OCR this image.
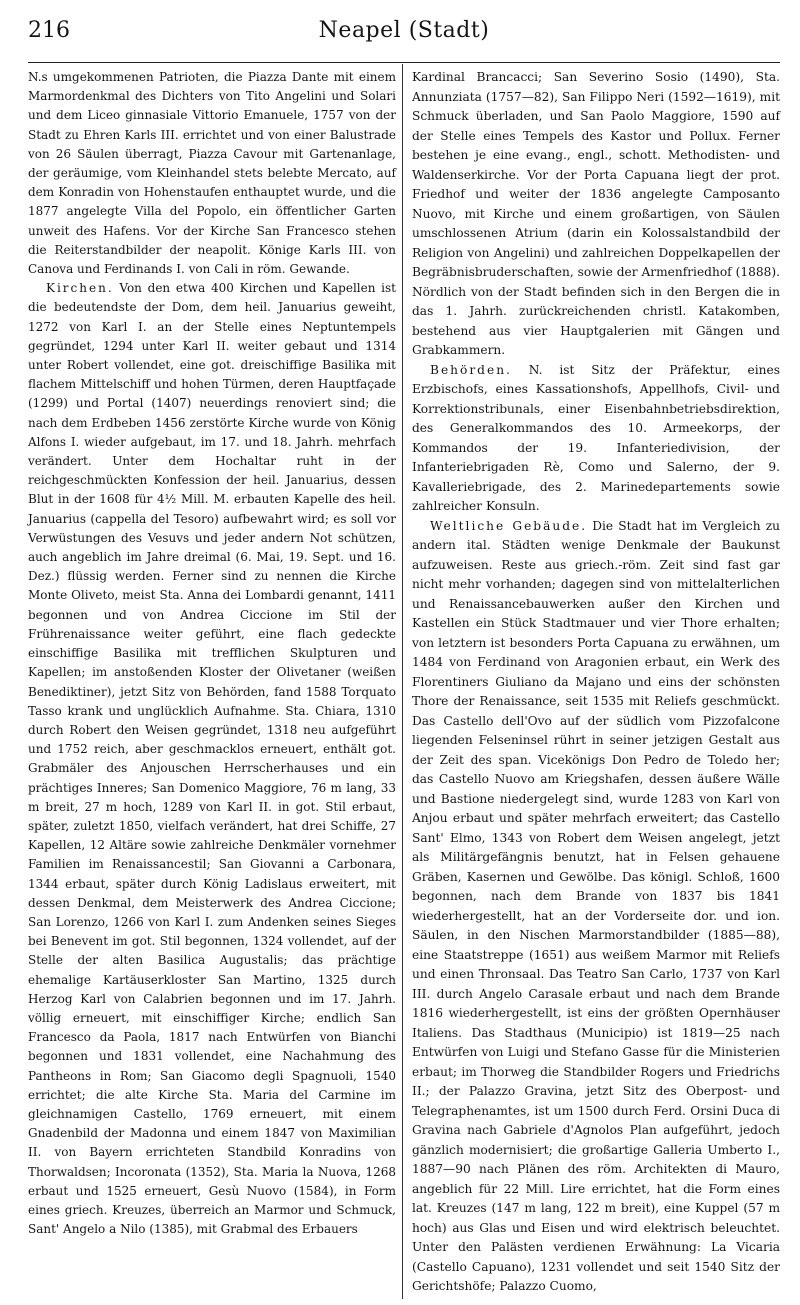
216	Neapel (Stadt)

N.s umgekommenen Patrioten, die Piazza Dante mit einem Marmordenkmal des Dichters von Tito Angelini und Solari und dem Liceo ginnasiale Vittorio Emanuele, 1757 von der Stadt zu Ehren Karls III. errichtet und von einer Balustrade von 26 Säulen überragt, Piazza Cavour mit Gartenanlage, der geräumige, vom Kleinhandel stets belebte Mercato, auf dem Konradin von Hohenstaufen enthauptet wurde, und die 1877 angelegte Villa del Popolo, ein öffentlicher Garten unweit des Hafens. Vor der Kirche San Francesco stehen die Reiterstandbilder der neapolit. Könige Karls III. von Canova und Ferdinands I. von Cali in röm. Gewande.

Kirchen. Von den etwa 400 Kirchen und Kapellen ist die bedeutendste der Dom, dem heil. Januarius geweiht, 1272 von Karl I. an der Stelle eines Neptuntempels gegründet, 1294 unter Karl II. weiter gebaut und 1314 unter Robert vollendet, eine got. dreischiffige Basilika mit flachem Mittelschiff und hohen Türmen, deren Hauptfaçade (1299) und Portal (1407) neuerdings renoviert sind; die nach dem Erdbeben 1456 zerstörte Kirche wurde von König Alfons I. wieder aufgebaut, im 17. und 18. Jahrh. mehrfach verändert. Unter dem Hochaltar ruht in der reichgeschmückten Konfession der heil. Januarius, dessen Blut in der 1608 für 4½ Mill. M. erbauten Kapelle des heil. Januarius (cappella del Tesoro) aufbewahrt wird; es soll vor Verwüstungen des Vesuvs und jeder andern Not schützen, auch angeblich im Jahre dreimal (6. Mai, 19. Sept. und 16. Dez.) flüssig werden. Ferner sind zu nennen die Kirche Monte Oliveto, meist Sta. Anna dei Lombardi genannt, 1411 begonnen und von Andrea Ciccione im Stil der Frührenaissance weiter geführt, eine flach gedeckte einschiffige Basilika mit trefflichen Skulpturen und Kapellen; im anstoßenden Kloster der Olivetaner (weißen Benediktiner), jetzt Sitz von Behörden, fand 1588 Torquato Tasso krank und unglücklich Aufnahme. Sta. Chiara, 1310 durch Robert den Weisen gegründet, 1318 neu aufgeführt und 1752 reich, aber geschmacklos erneuert, enthält got. Grabmäler des Anjouschen Herrscherhauses und ein prächtiges Inneres; San Domenico Maggiore, 76 m lang, 33 m breit, 27 m hoch, 1289 von Karl II. in got. Stil erbaut, später, zuletzt 1850, vielfach verändert, hat drei Schiffe, 27 Kapellen, 12 Altäre sowie zahlreiche Denkmäler vornehmer Familien im Renaissancestil; San Giovanni a Carbonara, 1344 erbaut, später durch König Ladislaus erweitert, mit dessen Denkmal, dem Meisterwerk des Andrea Ciccione; San Lorenzo, 1266 von Karl I. zum Andenken seines Sieges bei Benevent im got. Stil begonnen, 1324 vollendet, auf der Stelle der alten Basilica Augustalis; das prächtige ehemalige Kartäuserkloster San Martino, 1325 durch Herzog Karl von Calabrien begonnen und im 17. Jahrh. völlig erneuert, mit einschiffiger Kirche; endlich San Francesco da Paola, 1817 nach Entwürfen von Bianchi begonnen und 1831 vollendet, eine Nachahmung des Pantheons in Rom; San Giacomo degli Spagnuoli, 1540 errichtet; die alte Kirche Sta. Maria del Carmine im gleichnamigen Castello, 1769 erneuert, mit einem Gnadenbild der Madonna und einem 1847 von Maximilian II. von Bayern errichteten Standbild Konradins von Thorwaldsen; Incoronata (1352), Sta. Maria la Nuova, 1268 erbaut und 1525 erneuert, Gesù Nuovo (1584), in Form eines griech. Kreuzes, überreich an Marmor und Schmuck, Sant' Angelo a Nilo (1385), mit Grabmal des Erbauers

Kardinal Brancacci; San Severino Sosio (1490), Sta. Annunziata (1757—82), San Filippo Neri (1592—1619), mit Schmuck überladen, und San Paolo Maggiore, 1590 auf der Stelle eines Tempels des Kastor und Pollux. Ferner bestehen je eine evang., engl., schott. Methodisten- und Waldenserkirche. Vor der Porta Capuana liegt der prot. Friedhof und weiter der 1836 angelegte Camposanto Nuovo, mit Kirche und einem großartigen, von Säulen umschlossenen Atrium (darin ein Kolossalstandbild der Religion von Angelini) und zahlreichen Doppelkapellen der Begräbnisbruderschaften, sowie der Armenfriedhof (1888). Nördlich von der Stadt befinden sich in den Bergen die in das 1. Jahrh. zurückreichenden christl. Katakomben, bestehend aus vier Hauptgalerien mit Gängen und Grabkammern.

Behörden. N. ist Sitz der Präfektur, eines Erzbischofs, eines Kassationshofs, Appellhofs, Civil- und Korrektionstribunals, einer Eisenbahnbetriebsdirektion, des Generalkommandos des 10. Armeekorps, der Kommandos der 19. Infanteriedivision, der Infanteriebrigaden Rè, Como und Salerno, der 9. Kavalleriebrigade, des 2. Marinedepartements sowie zahlreicher Konsuln.

Weltliche Gebäude. Die Stadt hat im Vergleich zu andern ital. Städten wenige Denkmale der Baukunst aufzuweisen. Reste aus griech.-röm. Zeit sind fast gar nicht mehr vorhanden; dagegen sind von mittelalterlichen und Renaissancebauwerken außer den Kirchen und Kastellen ein Stück Stadtmauer und vier Thore erhalten; von letztern ist besonders Porta Capuana zu erwähnen, um 1484 von Ferdinand von Aragonien erbaut, ein Werk des Florentiners Giuliano da Majano und eins der schönsten Thore der Renaissance, seit 1535 mit Reliefs geschmückt. Das Castello dell'Ovo auf der südlich vom Pizzofalcone liegenden Felseninsel rührt in seiner jetzigen Gestalt aus der Zeit des span. Vicekönigs Don Pedro de Toledo her; das Castello Nuovo am Kriegshafen, dessen äußere Wälle und Bastione niedergelegt sind, wurde 1283 von Karl von Anjou erbaut und später mehrfach erweitert; das Castello Sant' Elmo, 1343 von Robert dem Weisen angelegt, jetzt als Militärgefängnis benutzt, hat in Felsen gehauene Gräben, Kasernen und Gewölbe. Das königl. Schloß, 1600 begonnen, nach dem Brande von 1837 bis 1841 wiederhergestellt, hat an der Vorderseite dor. und ion. Säulen, in den Nischen Marmorstandbilder (1885—88), eine Staatstreppe (1651) aus weißem Marmor mit Reliefs und einen Thronsaal. Das Teatro San Carlo, 1737 von Karl III. durch Angelo Carasale erbaut und nach dem Brande 1816 wiederhergestellt, ist eins der größten Opernhäuser Italiens. Das Stadthaus (Municipio) ist 1819—25 nach Entwürfen von Luigi und Stefano Gasse für die Ministerien erbaut; im Thorweg die Standbilder Rogers und Friedrichs II.; der Palazzo Gravina, jetzt Sitz des Oberpost- und Telegraphenamtes, ist um 1500 durch Ferd. Orsini Duca di Gravina nach Gabriele d'Agnolos Plan aufgeführt, jedoch gänzlich modernisiert; die großartige Galleria Umberto I., 1887—90 nach Plänen des röm. Architekten di Mauro, angeblich für 22 Mill. Lire errichtet, hat die Form eines lat. Kreuzes (147 m lang, 122 m breit), eine Kuppel (57 m hoch) aus Glas und Eisen und wird elektrisch beleuchtet. Unter den Palästen verdienen Erwähnung: La Vicaria (Castello Capuano), 1231 vollendet und seit 1540 Sitz der Gerichtshöfe; Palazzo Cuomo,
